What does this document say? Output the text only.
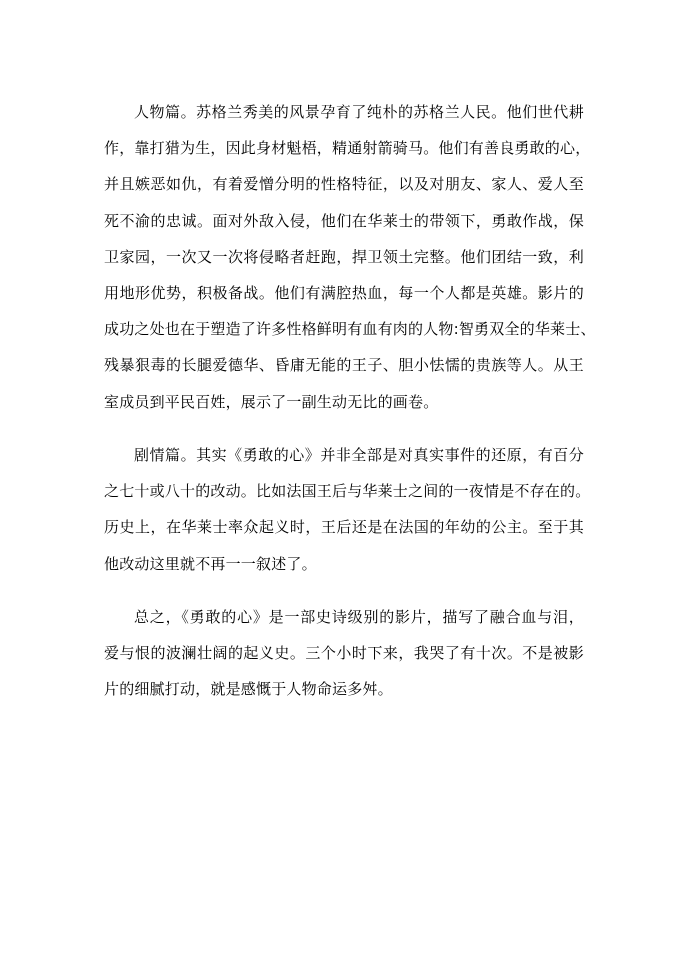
人物篇。苏格兰秀美的风景孕育了纯朴的苏格兰人民。他们世代耕
作，靠打猎为生，因此身材魁梧，精通射箭骑马。他们有善良勇敢的心，
并且嫉恶如仇，有着爱憎分明的性格特征，以及对朋友、家人、爱人至
死不渝的忠诚。面对外敌入侵，他们在华莱士的带领下，勇敢作战，保
卫家园，一次又一次将侵略者赶跑，捍卫领土完整。他们团结一致，利
用地形优势，积极备战。他们有满腔热血，每一个人都是英雄。影片的
成功之处也在于塑造了许多性格鲜明有血有肉的人物:智勇双全的华莱士、
残暴狠毒的长腿爱德华、昏庸无能的王子、胆小怯懦的贵族等人。从王
室成员到平民百姓，展示了一副生动无比的画卷。
剧情篇。其实《勇敢的心》并非全部是对真实事件的还原，有百分
之七十或八十的改动。比如法国王后与华莱士之间的一夜情是不存在的。
历史上，在华莱士率众起义时，王后还是在法国的年幼的公主。至于其
他改动这里就不再一一叙述了。
总之，《勇敢的心》是一部史诗级别的影片，描写了融合血与泪，
爱与恨的波澜壮阔的起义史。三个小时下来，我哭了有十次。不是被影
片的细腻打动，就是感慨于人物命运多舛。
